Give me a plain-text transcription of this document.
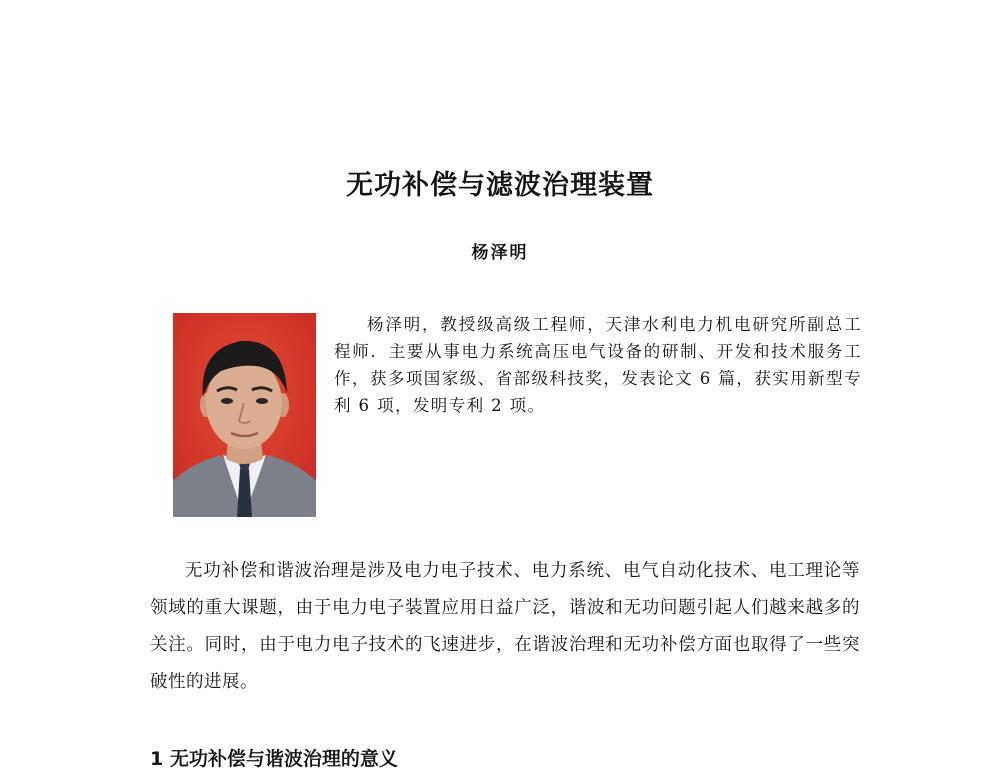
无功补偿与滤波治理装置
杨泽明

杨泽明，教授级高级工程师，天津水利电力机电研究所副总工程师．主要从事电力系统高压电气设备的研制、开发和技术服务工作，获多项国家级、省部级科技奖，发表论文 6 篇，获实用新型专利 6 项，发明专利 2 项。

无功补偿和谐波治理是涉及电力电子技术、电力系统、电气自动化技术、电工理论等领域的重大课题，由于电力电子装置应用日益广泛，谐波和无功问题引起人们越来越多的关注。同时，由于电力电子技术的飞速进步，在谐波治理和无功补偿方面也取得了一些突破性的进展。

1 无功补偿与谐波治理的意义
